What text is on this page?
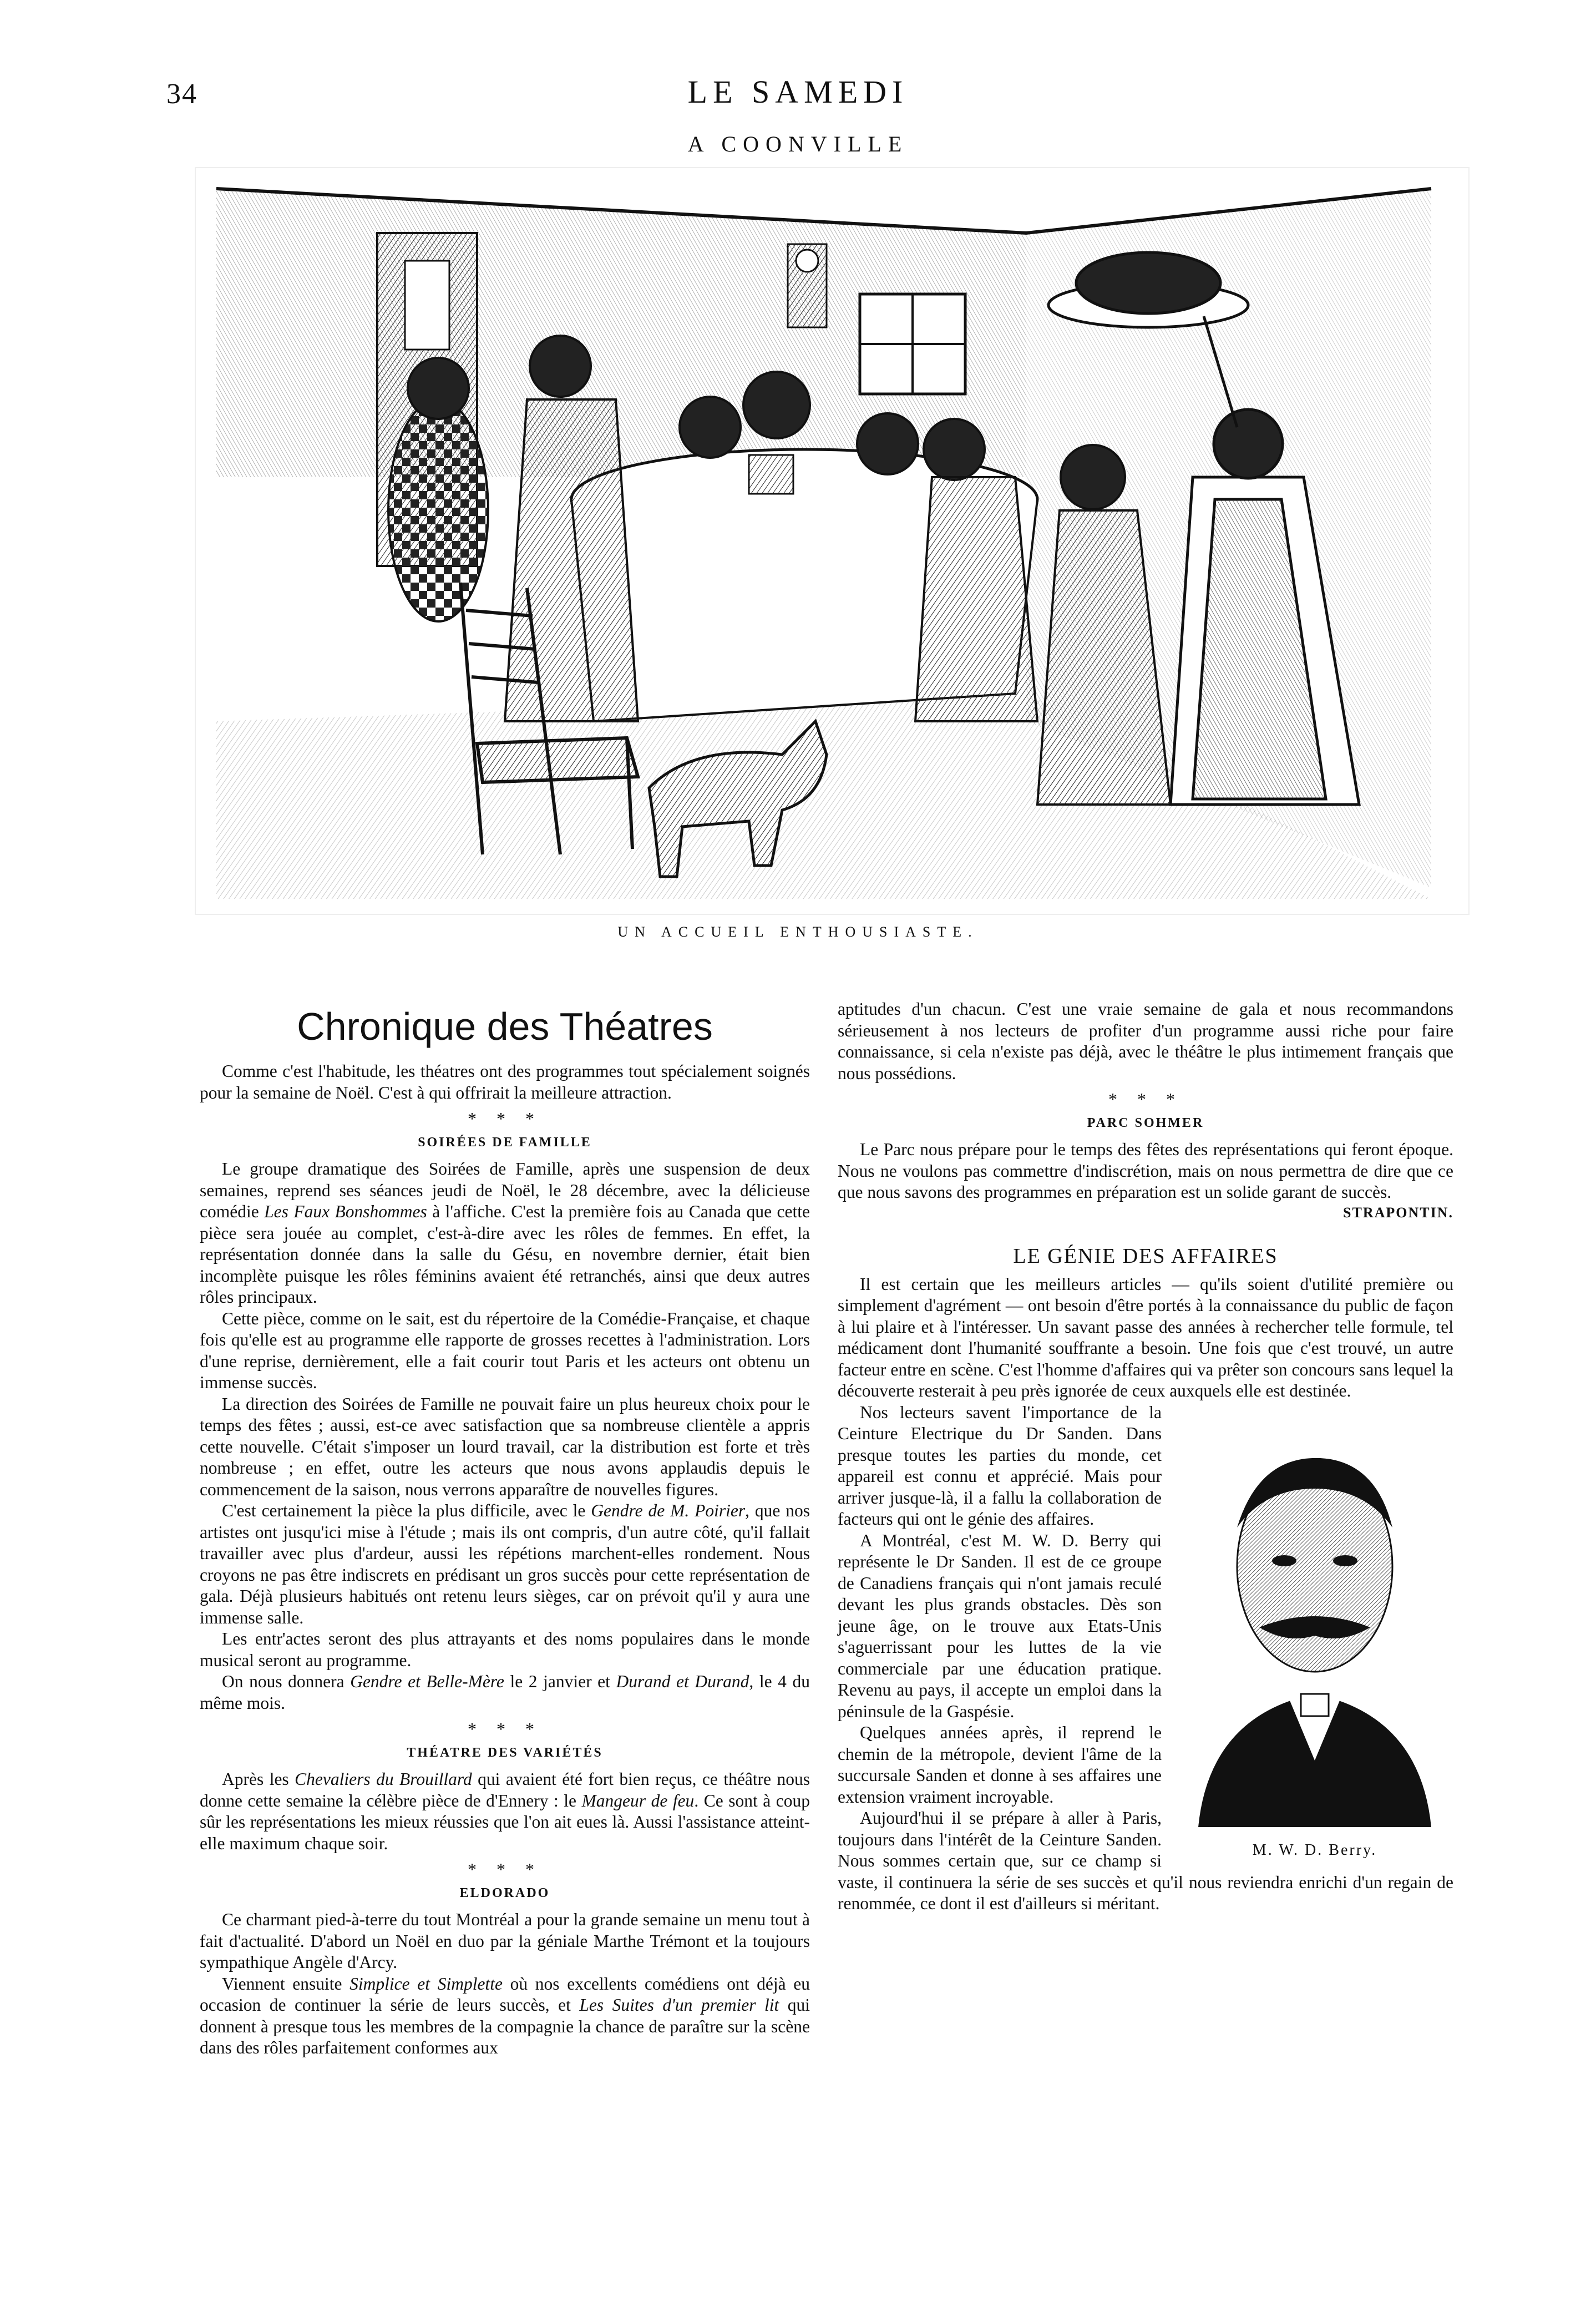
34	LE SAMEDI
A COONVILLE
UN ACCUEIL ENTHOUSIASTE.
Chronique des Théatres

Comme c'est l'habitude, les théatres ont des programmes tout spécialement soignés pour la semaine de Noël. C'est à qui offrirait la meilleure attraction.

* * *
SOIRÉES DE FAMILLE

Le groupe dramatique des Soirées de Famille, après une suspension de deux semaines, reprend ses séances jeudi de Noël, le 28 décembre, avec la délicieuse comédie Les Faux Bonshommes à l'affiche. C'est la première fois au Canada que cette pièce sera jouée au complet, c'est-à-dire avec les rôles de femmes. En effet, la représentation donnée dans la salle du Gésu, en novembre dernier, était bien incomplète puisque les rôles féminins avaient été retranchés, ainsi que deux autres rôles principaux.

Cette pièce, comme on le sait, est du répertoire de la Comédie-Française, et chaque fois qu'elle est au programme elle rapporte de grosses recettes à l'administration. Lors d'une reprise, dernièrement, elle a fait courir tout Paris et les acteurs ont obtenu un immense succès.

La direction des Soirées de Famille ne pouvait faire un plus heureux choix pour le temps des fêtes ; aussi, est-ce avec satisfaction que sa nombreuse clientèle a appris cette nouvelle. C'était s'imposer un lourd travail, car la distribution est forte et très nombreuse ; en effet, outre les acteurs que nous avons applaudis depuis le commencement de la saison, nous verrons apparaître de nouvelles figures.

C'est certainement la pièce la plus difficile, avec le Gendre de M. Poirier, que nos artistes ont jusqu'ici mise à l'étude ; mais ils ont compris, d'un autre côté, qu'il fallait travailler avec plus d'ardeur, aussi les répétions marchent-elles rondement. Nous croyons ne pas être indiscrets en prédisant un gros succès pour cette représentation de gala. Déjà plusieurs habitués ont retenu leurs sièges, car on prévoit qu'il y aura une immense salle.

Les entr'actes seront des plus attrayants et des noms populaires dans le monde musical seront au programme.

On nous donnera Gendre et Belle-Mère le 2 janvier et Durand et Durand, le 4 du même mois.

* * *
THÉATRE DES VARIÉTÉS

Après les Chevaliers du Brouillard qui avaient été fort bien reçus, ce théâtre nous donne cette semaine la célèbre pièce de d'Ennery : le Mangeur de feu. Ce sont à coup sûr les représentations les mieux réussies que l'on ait eues là. Aussi l'assistance atteint-elle maximum chaque soir.

* * *
ELDORADO

Ce charmant pied-à-terre du tout Montréal a pour la grande semaine un menu tout à fait d'actualité. D'abord un Noël en duo par la géniale Marthe Trémont et la toujours sympathique Angèle d'Arcy.

Viennent ensuite Simplice et Simplette où nos excellents comédiens ont déjà eu occasion de continuer la série de leurs succès, et Les Suites d'un premier lit qui donnent à presque tous les membres de la compagnie la chance de paraître sur la scène dans des rôles parfaitement conformes aux

aptitudes d'un chacun. C'est une vraie semaine de gala et nous recommandons sérieusement à nos lecteurs de profiter d'un programme aussi riche pour faire connaissance, si cela n'existe pas déjà, avec le théâtre le plus intimement français que nous possédions.

* * *
PARC SOHMER

Le Parc nous prépare pour le temps des fêtes des représentations qui feront époque. Nous ne voulons pas commettre d'indiscrétion, mais on nous permettra de dire que ce que nous savons des programmes en préparation est un solide garant de succès.

STRAPONTIN.
LE GÉNIE DES AFFAIRES

Il est certain que les meilleurs articles — qu'ils soient d'utilité première ou simplement d'agrément — ont besoin d'être portés à la connaissance du public de façon à lui plaire et à l'intéresser. Un savant passe des années à rechercher telle formule, tel médicament dont l'humanité souffrante a besoin. Une fois que c'est trouvé, un autre facteur entre en scène. C'est l'homme d'affaires qui va prêter son concours sans lequel la découverte resterait à peu près ignorée de ceux auxquels elle est destinée.

M. W. D. Berry.

Nos lecteurs savent l'importance de la Ceinture Electrique du Dr Sanden. Dans presque toutes les parties du monde, cet appareil est connu et apprécié. Mais pour arriver jusque-là, il a fallu la collaboration de facteurs qui ont le génie des affaires.

A Montréal, c'est M. W. D. Berry qui représente le Dr Sanden. Il est de ce groupe de Canadiens français qui n'ont jamais reculé devant les plus grands obstacles. Dès son jeune âge, on le trouve aux Etats-Unis s'aguerrissant pour les luttes de la vie commerciale par une éducation pratique. Revenu au pays, il accepte un emploi dans la péninsule de la Gaspésie.

Quelques années après, il reprend le chemin de la métropole, devient l'âme de la succursale Sanden et donne à ses affaires une extension vraiment incroyable.

Aujourd'hui il se prépare à aller à Paris, toujours dans l'intérêt de la Ceinture Sanden. Nous sommes certain que, sur ce champ si vaste, il continuera la série de ses succès et qu'il nous reviendra enrichi d'un regain de renommée, ce dont il est d'ailleurs si méritant.
